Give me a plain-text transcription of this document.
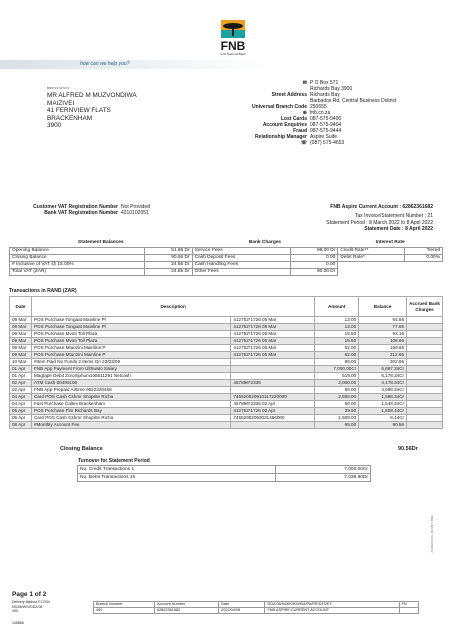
FNB
First National Bank
how can we help you?
✉ P O Box 571
Richards Bay 3900
Street Address Richards Bay
Barbados Rd, Central Business District
Universal Branch Code 250655
⊕ fnb.co.za
Lost Cards 087-575-9406
Account Enquiries 087-575-9404
Fraud 087-575-9444
Relationship Manager Aspire Suite
☏ (087) 575-4653
BBST21 047174
MR ALFRED M MUZVONDIWA
MAIZIVEI
41 FERNVIEW FLATS
BRACKENHAM
3900
Customer VAT Registration Number Not Provided
Bank VAT Registration Number 4210102051
FNB Aspire Current Account : 62862361682
Tax Invoice/Statement Number : 21
Statement Period : 8 March 2022 to 8 April 2022
Statement Date : 8 April 2022
Statement Balances		Bank Charges		Interest Rate	
Opening Balance	51.66 Dr	Service Fees	99.00 Dr	Credit Rate**	Tiered
Closing Balance	90.56 Dr	Cash Deposit Fees	0.00	Debit Rate*	0.00%
# Inclusive of VAT @ 15.00%	24.65 Dr	Cash Handling Fees	0.00		
Total VAT (ZAR)	24.65 Dr	Other Fees	90.00 Dr		
Transactions in RAND (ZAR)
Date	Description		Amount	Balance	Accrued Bank Charges
09 Mar	POS Purchase Tongaat Mainline Pl	412752*1726 05 Mar	13.00	64.66	
09 Mar	POS Purchase Tongaat Mainline Pl	412752*1726 05 Mar	13.00	77.66	
09 Mar	POS Purchase Mvoti Toll Plaza	412752*1726 05 Mar	15.50	93.16	
09 Mar	POS Purchase Mvoti Toll Plaza	412752*1726 05 Mar	15.50	108.66	
09 Mar	POS Purchase Mtunzini Mainline P	412752*1726 05 Mar	52.00	160.66	
09 Mar	POS Purchase Mtunzini Mainline P	412752*1726 05 Mar	52.00	212.66	
10 Mar	#Item Paid No Funds 2 Items On 22/03/09		90.00	302.66	
01 Apr	FNB App Payment From Ulthwalo Salary		7,000.00Cr	6,697.34Cr	
01 Apr	Magtape Debit Zoromphum168611291 Netcash		519.00	6,178.34Cr	
02 Apr	ATM Cash 00490106	457896*2336	2,000.00	4,178.34Cr	
02 Apr	FNB App Prepaid Airtime 0622320458		80.00	4,098.34Cr	
04 Apr	Card POS Cash Cshmr Shoprite Richa	745520020910117220000	2,500.00	1,598.34Cr	
04 Apr	Fuel Purchase Caltex Brackenham	457896*2336 02 Apr	50.00	1,548.34Cr	
05 Apr	POS Purchase Flm Richards Bay	412752*1726 02 Apr	39.90	1,508.44Cr	
05 Apr	Card POS Cash Cshmr Shoprite Richa	74552002093031456000	1,500.00	8.44Cr	
08 Apr	#Monthly Account Fee		99.00	90.56	
Closing Balance	90.56Dr
Turnover for Statement Period
No. Credit Transactions 1	7,000.00Cr
No. Debit Transactions 15	7,038.90Dr
ZZZMZCOOL 4NXBP1 BRE
Page 1 of 2
Delivery Method F1 R04
NS/08/W/V/DDA 06
490
105868
Branch Number	Account Number	Date	DDA 06/94/KK/KM/KM/PA/PR/DJS/EY	FN
490	62862361682	2022/04/08	FNB ASPIRE CURRENT ACCOUNT	
